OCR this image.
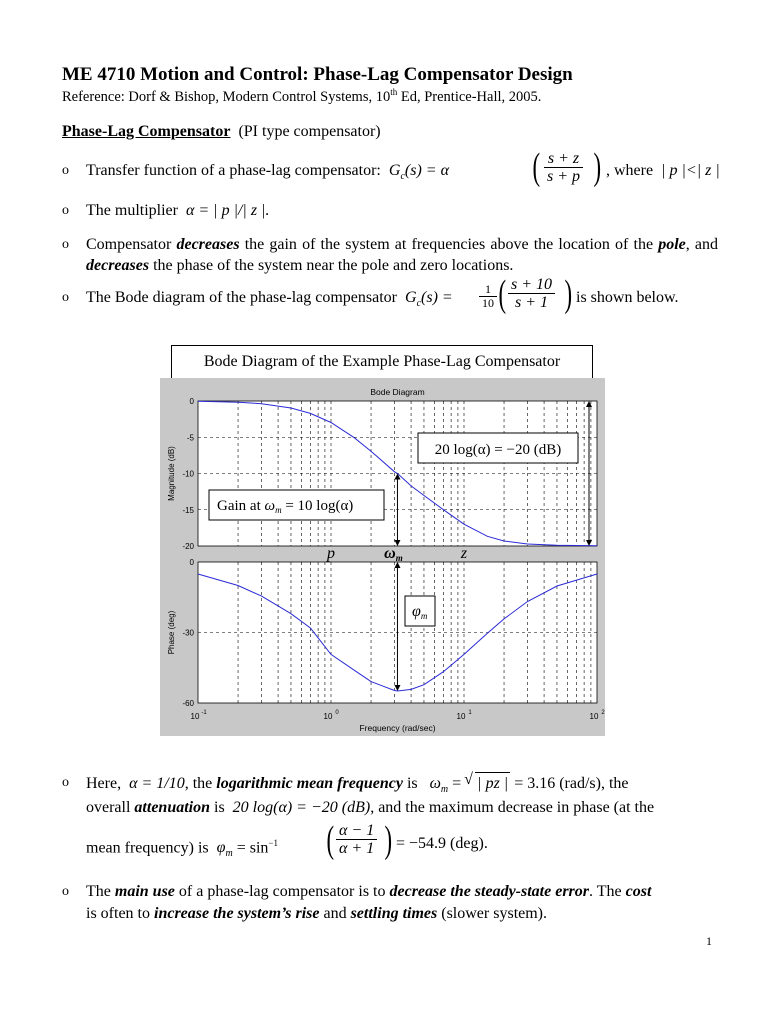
ME 4710 Motion and Control: Phase-Lag Compensator Design
Reference: Dorf & Bishop, Modern Control Systems, 10th Ed, Prentice-Hall, 2005.
Phase-Lag Compensator (PI type compensator)
o Transfer function of a phase-lag compensator: $G_c(s) = \alpha$ ( $\frac{s + z}{s + p}$ ) , where | p |<| z |
o The multiplier α = | p |/| z |.
o Compensator decreases the gain of the system at frequencies above the location of the pole, and decreases the phase of the system near the pole and zero locations.
o The Bode diagram of the phase-lag compensator $G_c(s) = \frac{1}{10}$ ( $\frac{s + 10}{s + 1}$ ) is shown below.
Bode Diagram of the Example Phase-Lag Compensator
0
-5
-10
-15
-20
Magnitude (dB)
0
-30
-60
Phase (deg)
Bode Diagram
10 -1	10 0	10 1	10 2
Frequency (rad/sec)
Gain at $\omega_m = 10$ log(α)
20 log(α) = −20 (dB)
φm
p	ωm	z
o Here, α = 1/10, the logarithmic mean frequency is $\omega_m$ = √ | pz | = 3.16 (rad/s), the
overall attenuation is 20 log(α) = −20 (dB), and the maximum decrease in phase (at the
mean frequency) is $\varphi_m = \sin^{-1}$ ( $\frac{\alpha - 1}{\alpha + 1}$ ) = −54.9 (deg).
o The main use of a phase-lag compensator is to decrease the steady-state error. The cost
is often to increase the system’s rise and settling times (slower system).
1
